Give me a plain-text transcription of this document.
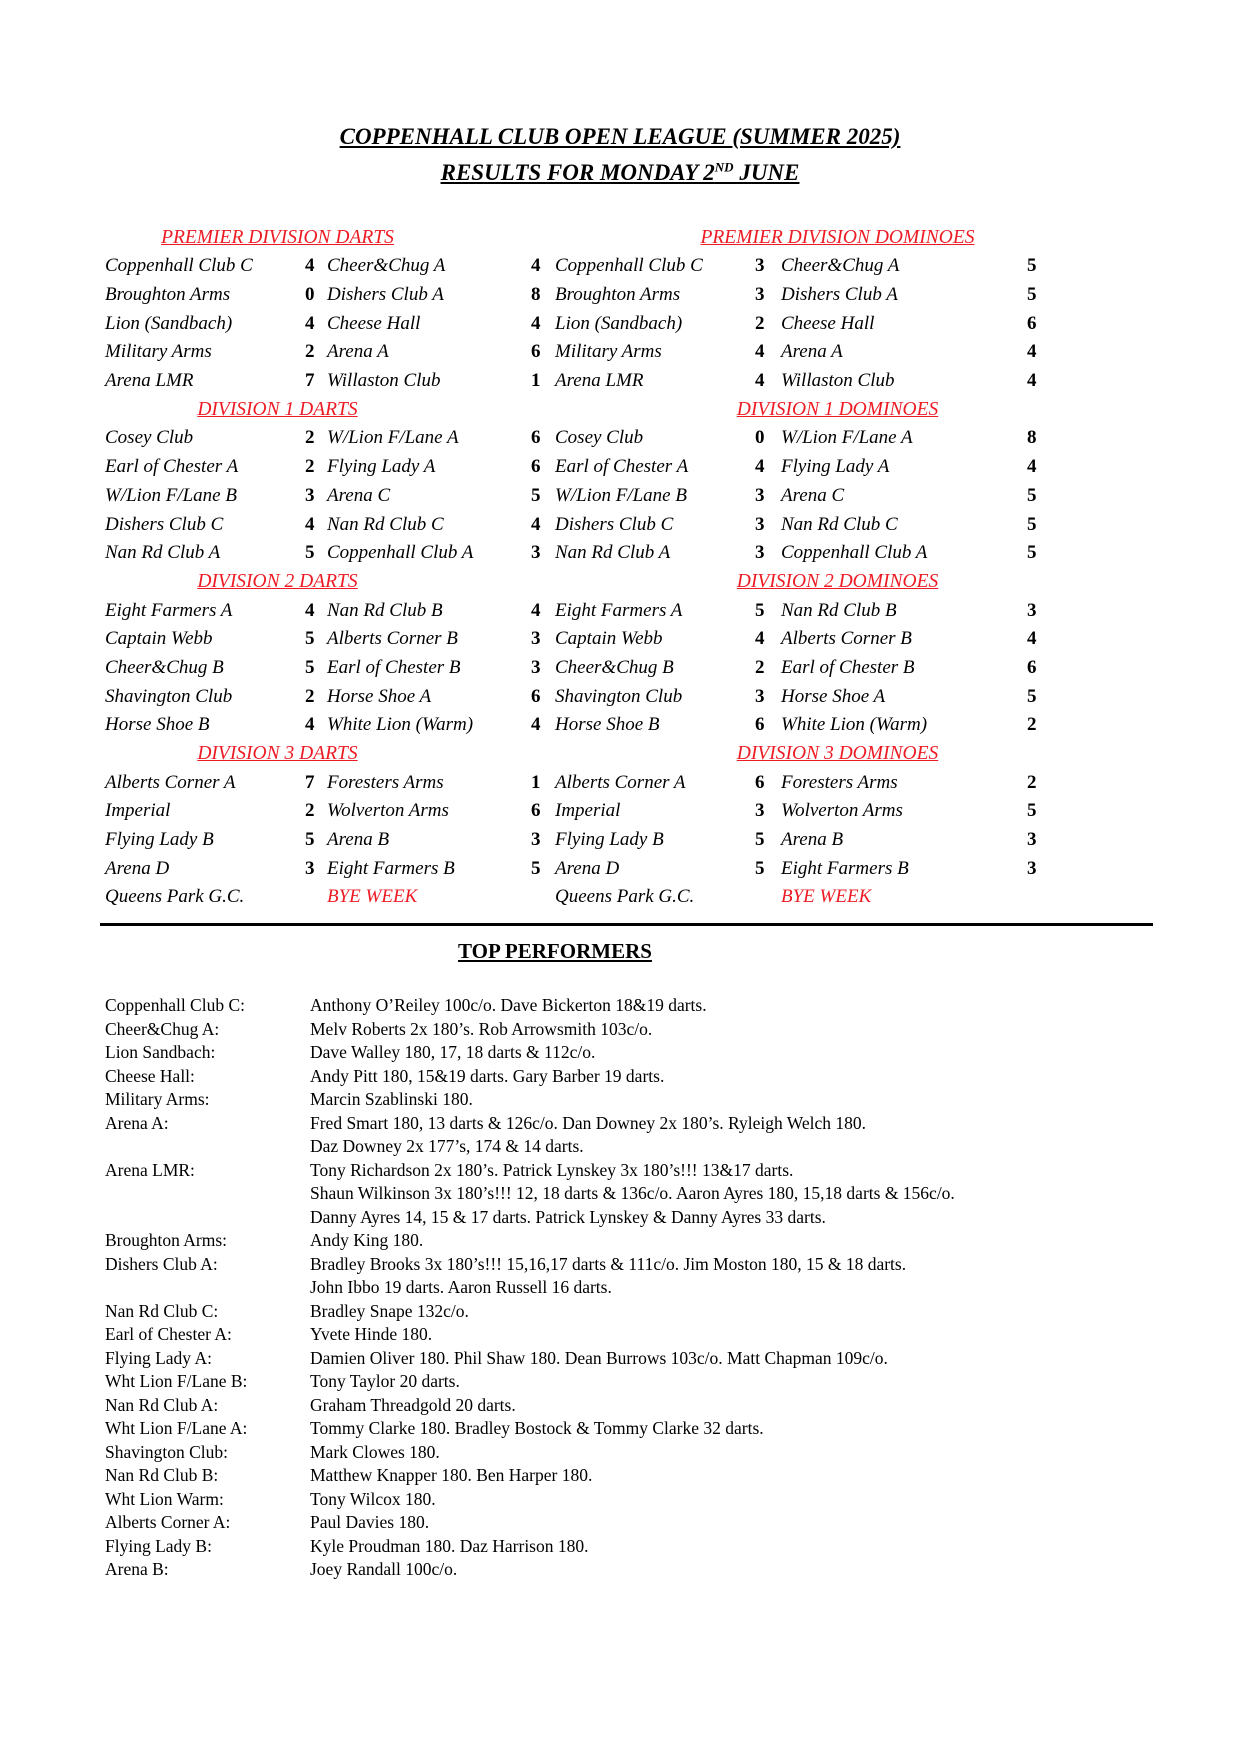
COPPENHALL CLUB OPEN LEAGUE (SUMMER 2025)
RESULTS FOR MONDAY 2ND JUNE
PREMIER DIVISION DARTS
Coppenhall Club C	4 Cheer&Chug A	4
Broughton Arms	0 Dishers Club A	8
Lion (Sandbach)	4 Cheese Hall	4
Military Arms	2 Arena A	6
Arena LMR	7 Willaston Club	1
DIVISION 1 DARTS
Cosey Club	2 W/Lion F/Lane A	6
Earl of Chester A	2 Flying Lady A	6
W/Lion F/Lane B	3 Arena C	5
Dishers Club C	4 Nan Rd Club C	4
Nan Rd Club A	5 Coppenhall Club A	3
DIVISION 2 DARTS
Eight Farmers A	4 Nan Rd Club B	4
Captain Webb	5 Alberts Corner B	3
Cheer&Chug B	5 Earl of Chester B	3
Shavington Club	2 Horse Shoe A	6
Horse Shoe B	4 White Lion (Warm)	4
DIVISION 3 DARTS
Alberts Corner A	7 Foresters Arms	1
Imperial	2 Wolverton Arms	6
Flying Lady B	5 Arena B	3
Arena D	3 Eight Farmers B	5
Queens Park G.C.	BYE WEEK
PREMIER DIVISION DOMINOES
Coppenhall Club C	3 Cheer&Chug A	5
Broughton Arms	3 Dishers Club A	5
Lion (Sandbach)	2 Cheese Hall	6
Military Arms	4 Arena A	4
Arena LMR	4 Willaston Club	4
DIVISION 1 DOMINOES
Cosey Club	0 W/Lion F/Lane A	8
Earl of Chester A	4 Flying Lady A	4
W/Lion F/Lane B	3 Arena C	5
Dishers Club C	3 Nan Rd Club C	5
Nan Rd Club A	3 Coppenhall Club A	5
DIVISION 2 DOMINOES
Eight Farmers A	5 Nan Rd Club B	3
Captain Webb	4 Alberts Corner B	4
Cheer&Chug B	2 Earl of Chester B	6
Shavington Club	3 Horse Shoe A	5
Horse Shoe B	6 White Lion (Warm)	2
DIVISION 3 DOMINOES
Alberts Corner A	6 Foresters Arms	2
Imperial	3 Wolverton Arms	5
Flying Lady B	5 Arena B	3
Arena D	5 Eight Farmers B	3
Queens Park G.C.	BYE WEEK
TOP PERFORMERS
Coppenhall Club C:	Anthony O’Reiley 100c/o. Dave Bickerton 18&19 darts.
Cheer&Chug A:	Melv Roberts 2x 180’s. Rob Arrowsmith 103c/o.
Lion Sandbach:	Dave Walley 180, 17, 18 darts & 112c/o.
Cheese Hall:	Andy Pitt 180, 15&19 darts. Gary Barber 19 darts.
Military Arms:	Marcin Szablinski 180.
Arena A:	Fred Smart 180, 13 darts & 126c/o. Dan Downey 2x 180’s. Ryleigh Welch 180.
Daz Downey 2x 177’s, 174 & 14 darts.
Arena LMR:	Tony Richardson 2x 180’s. Patrick Lynskey 3x 180’s!!! 13&17 darts.
Shaun Wilkinson 3x 180’s!!! 12, 18 darts & 136c/o. Aaron Ayres 180, 15,18 darts & 156c/o.
Danny Ayres 14, 15 & 17 darts. Patrick Lynskey & Danny Ayres 33 darts.
Broughton Arms:	Andy King 180.
Dishers Club A:	Bradley Brooks 3x 180’s!!! 15,16,17 darts & 111c/o. Jim Moston 180, 15 & 18 darts.
John Ibbo 19 darts. Aaron Russell 16 darts.
Nan Rd Club C:	Bradley Snape 132c/o.
Earl of Chester A:	Yvete Hinde 180.
Flying Lady A:	Damien Oliver 180. Phil Shaw 180. Dean Burrows 103c/o. Matt Chapman 109c/o.
Wht Lion F/Lane B:	Tony Taylor 20 darts.
Nan Rd Club A:	Graham Threadgold 20 darts.
Wht Lion F/Lane A:	Tommy Clarke 180. Bradley Bostock & Tommy Clarke 32 darts.
Shavington Club:	Mark Clowes 180.
Nan Rd Club B:	Matthew Knapper 180. Ben Harper 180.
Wht Lion Warm:	Tony Wilcox 180.
Alberts Corner A:	Paul Davies 180.
Flying Lady B:	Kyle Proudman 180. Daz Harrison 180.
Arena B:	Joey Randall 100c/o.
